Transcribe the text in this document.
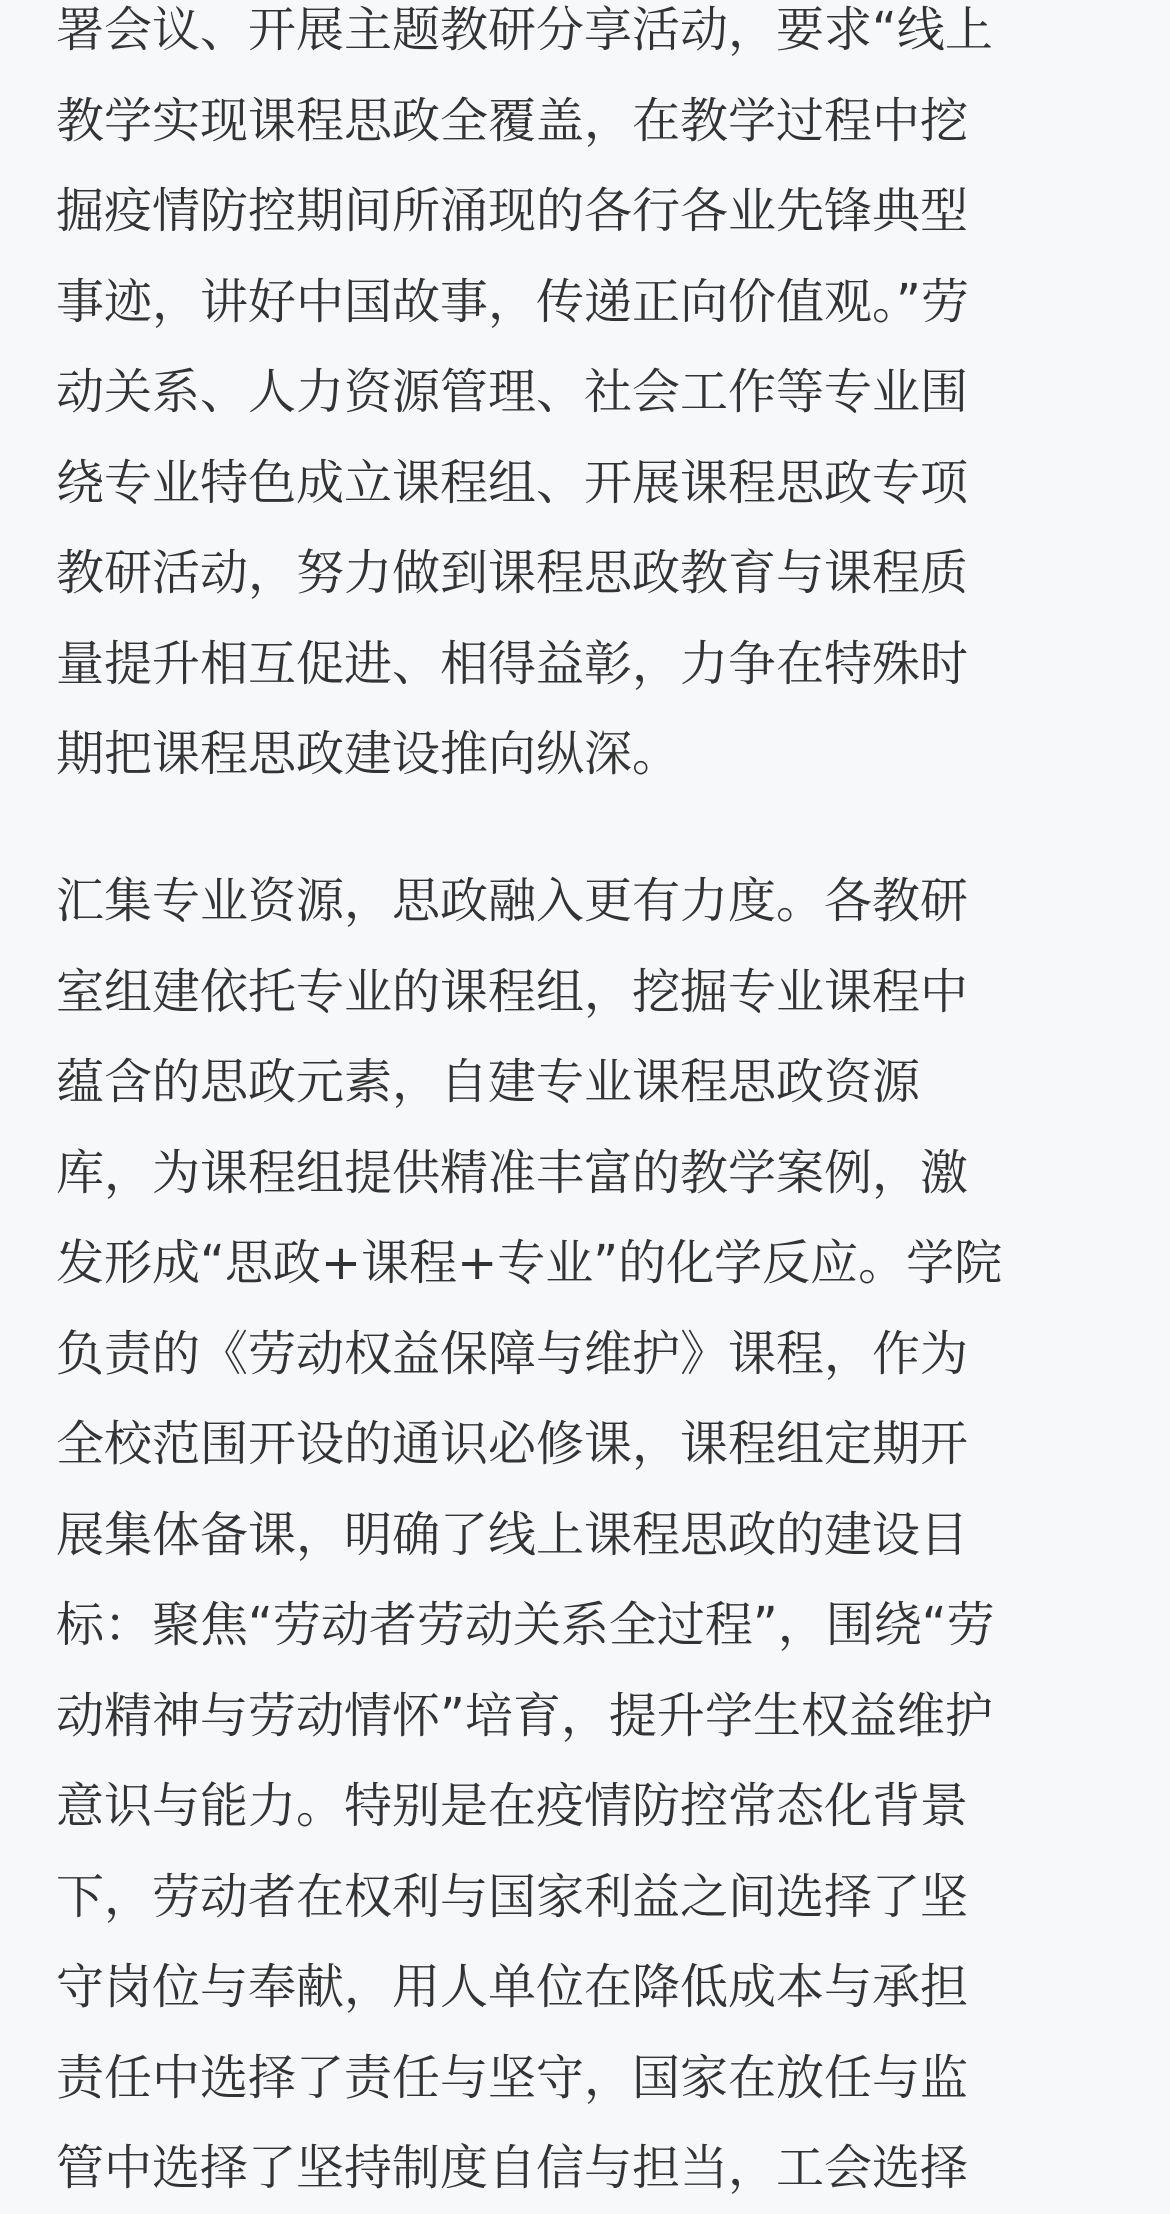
署会议、开展主题教研分享活动，要求“线上
教学实现课程思政全覆盖，在教学过程中挖
掘疫情防控期间所涌现的各行各业先锋典型
事迹，讲好中国故事，传递正向价值观。”劳
动关系、人力资源管理、社会工作等专业围
绕专业特色成立课程组、开展课程思政专项
教研活动，努力做到课程思政教育与课程质
量提升相互促进、相得益彰，力争在特殊时
期把课程思政建设推向纵深。
汇集专业资源，思政融入更有力度。各教研
室组建依托专业的课程组，挖掘专业课程中
蕴含的思政元素，自建专业课程思政资源
库，为课程组提供精准丰富的教学案例，激
发形成“思政+课程+专业”的化学反应。学院
负责的《劳动权益保障与维护》课程，作为
全校范围开设的通识必修课，课程组定期开
展集体备课，明确了线上课程思政的建设目
标：聚焦“劳动者劳动关系全过程”，围绕“劳
动精神与劳动情怀”培育，提升学生权益维护
意识与能力。特别是在疫情防控常态化背景
下，劳动者在权利与国家利益之间选择了坚
守岗位与奉献，用人单位在降低成本与承担
责任中选择了责任与坚守，国家在放任与监
管中选择了坚持制度自信与担当，工会选择
